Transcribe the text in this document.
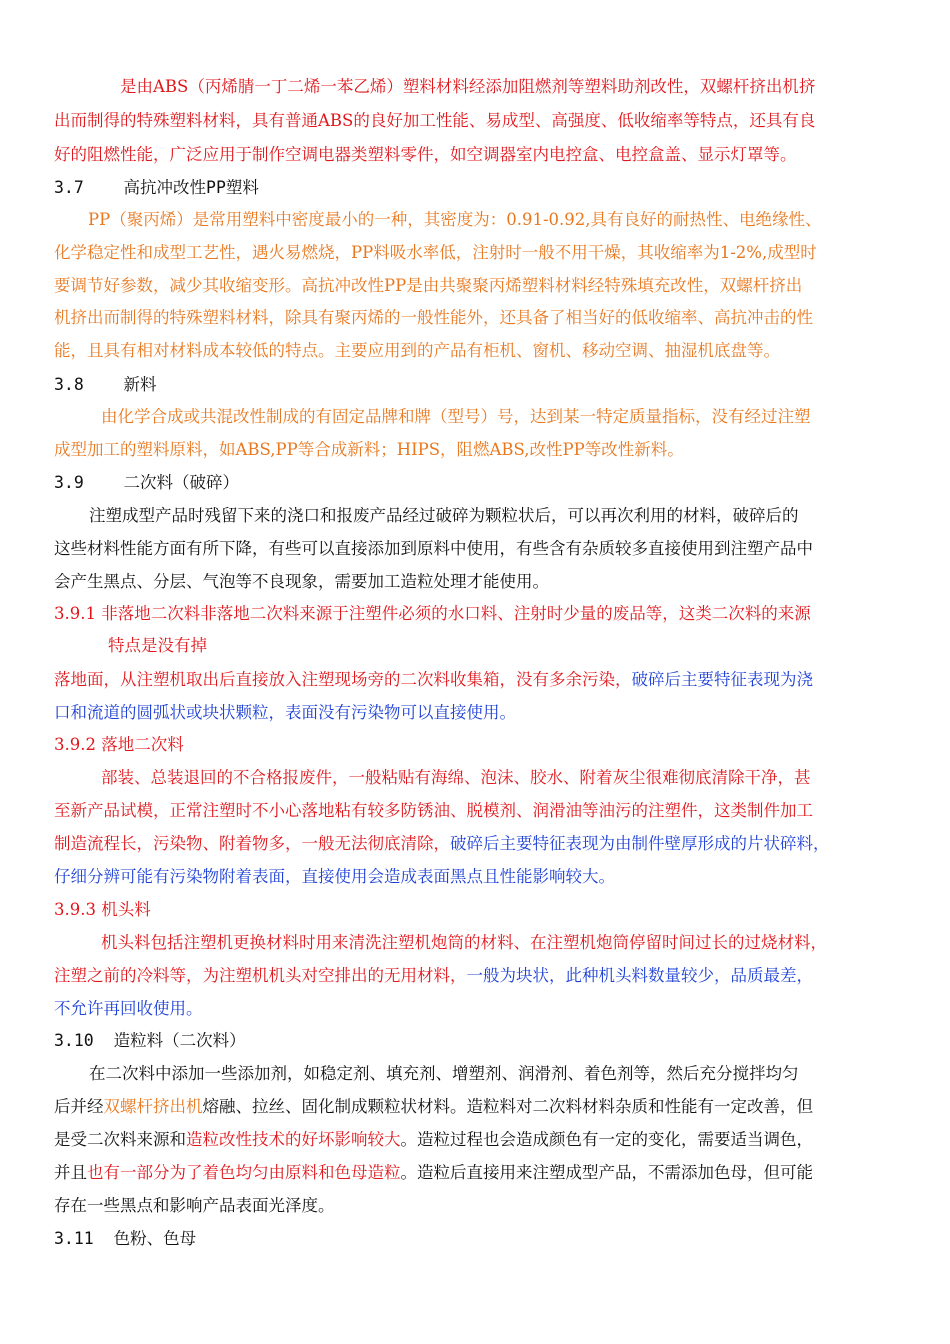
是由ABS（丙烯腈一丁二烯一苯乙烯）塑料材料经添加阻燃剂等塑料助剂改性，双螺杆挤出机挤
出而制得的特殊塑料材料，具有普通ABS的良好加工性能、易成型、高强度、低收缩率等特点，还具有良
好的阻燃性能，广泛应用于制作空调电器类塑料零件，如空调器室内电控盒、电控盒盖、显示灯罩等。
3.7    高抗冲改性PP塑料
PP（聚丙烯）是常用塑料中密度最小的一种，其密度为：0.91-0.92,具有良好的耐热性、电绝缘性、
化学稳定性和成型工艺性，遇火易燃烧，PP料吸水率低，注射时一般不用干燥，其收缩率为1-2%,成型时
要调节好参数，减少其收缩变形。高抗冲改性PP是由共聚聚丙烯塑料材料经特殊填充改性，双螺杆挤出
机挤出而制得的特殊塑料材料，除具有聚丙烯的一般性能外，还具备了相当好的低收缩率、高抗冲击的性
能，且具有相对材料成本较低的特点。主要应用到的产品有柜机、窗机、移动空调、抽湿机底盘等。
3.8    新料
由化学合成或共混改性制成的有固定品牌和牌（型号）号，达到某一特定质量指标，没有经过注塑
成型加工的塑料原料，如ABS,PP等合成新料；HIPS，阻燃ABS,改性PP等改性新料。
3.9    二次料（破碎）
注塑成型产品时残留下来的浇口和报废产品经过破碎为颗粒状后，可以再次利用的材料，破碎后的
这些材料性能方面有所下降，有些可以直接添加到原料中使用，有些含有杂质较多直接使用到注塑产品中
会产生黑点、分层、气泡等不良现象，需要加工造粒处理才能使用。
3.9.1 非落地二次料非落地二次料来源于注塑件必须的水口料、注射时少量的废品等，这类二次料的来源
特点是没有掉
落地面，从注塑机取出后直接放入注塑现场旁的二次料收集箱，没有多余污染，破碎后主要特征表现为浇
口和流道的圆弧状或块状颗粒，表面没有污染物可以直接使用。
3.9.2 落地二次料
部装、总装退回的不合格报废件，一般粘贴有海绵、泡沫、胶水、附着灰尘很难彻底清除干净，甚
至新产品试模，正常注塑时不小心落地粘有较多防锈油、脱模剂、润滑油等油污的注塑件，这类制件加工
制造流程长，污染物、附着物多，一般无法彻底清除，破碎后主要特征表现为由制件壁厚形成的片状碎料，
仔细分辨可能有污染物附着表面，直接使用会造成表面黑点且性能影响较大。
3.9.3 机头料
机头料包括注塑机更换材料时用来清洗注塑机炮筒的材料、在注塑机炮筒停留时间过长的过烧材料，
注塑之前的冷料等，为注塑机机头对空排出的无用材料，一般为块状，此种机头料数量较少，品质最差，
不允许再回收使用。
3.10  造粒料（二次料）
在二次料中添加一些添加剂，如稳定剂、填充剂、增塑剂、润滑剂、着色剂等，然后充分搅拌均匀
后并经双螺杆挤出机熔融、拉丝、固化制成颗粒状材料。造粒料对二次料材料杂质和性能有一定改善，但
是受二次料来源和造粒改性技术的好坏影响较大。造粒过程也会造成颜色有一定的变化，需要适当调色，
并且也有一部分为了着色均匀由原料和色母造粒。造粒后直接用来注塑成型产品，不需添加色母，但可能
存在一些黑点和影响产品表面光泽度。
3.11  色粉、色母
